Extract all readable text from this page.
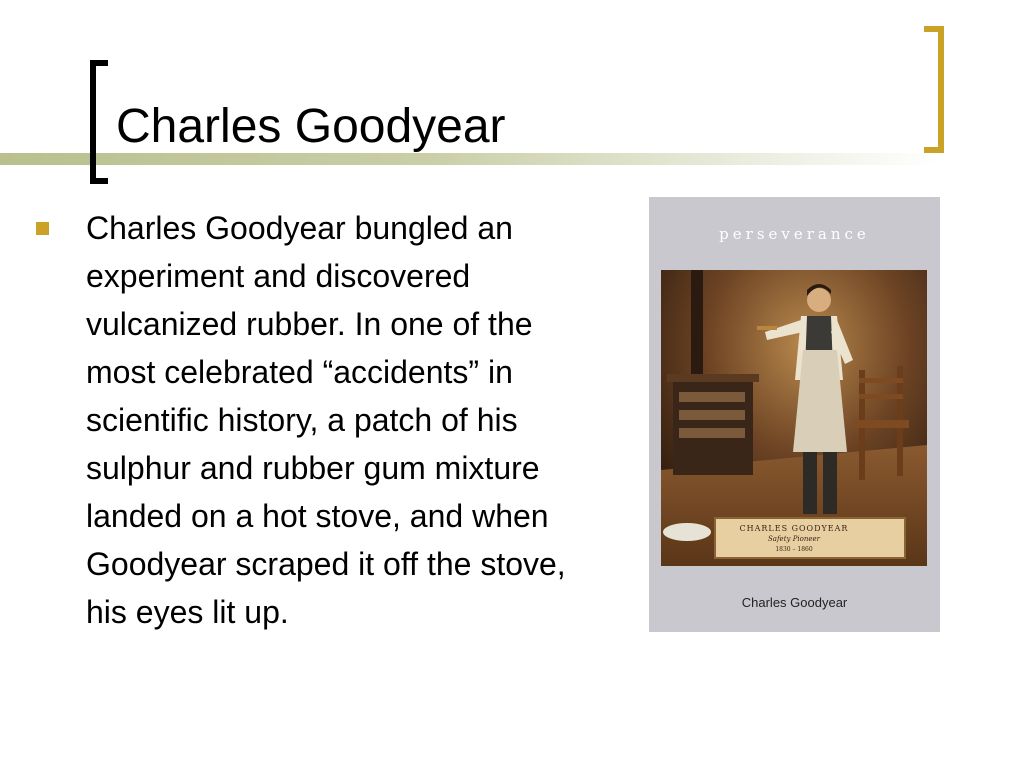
Charles Goodyear

Charles Goodyear bungled an experiment and discovered vulcanized rubber. In one of the most celebrated “accidents” in scientific history, a patch of his sulphur and rubber gum mixture landed on a hot stove, and when Goodyear scraped it off the stove, his eyes lit up.

perseverance
CHARLES GOODYEAR
Safety Pioneer
1830 – 1860
Charles Goodyear
